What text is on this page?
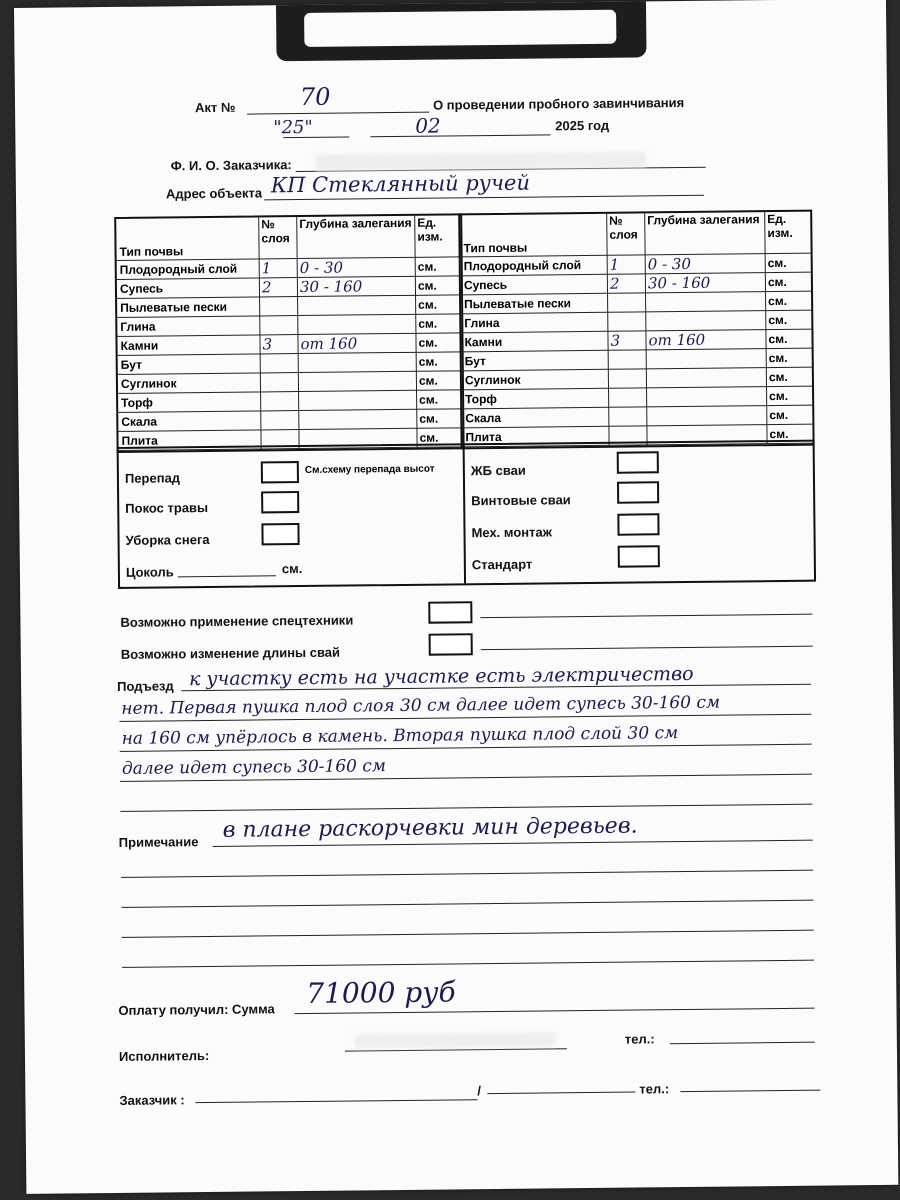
Акт №	70	О проведении пробного завинчивания
"25"	02	2025 год
Ф. И. О. Заказчика:
Адрес объекта КП Стеклянный ручей
Тип почвы
№ слоя
Глубина залегания Ед. изм.
Плодородный слой	1	0 - 30	см.
Супесь	2	30 - 160	см.
Пылеватые пески	см.
Глина	см.
Камни	3	от 160	см.
Бут	см.
Суглинок	см.
Торф	см.
Скала	см.
Плита	см.
Тип почвы
№ слоя
Глубина залегания Ед. изм.
Плодородный слой	1	0 - 30	см.
Супесь	2	30 - 160	см.
Пылеватые пески	см.
Глина	см.
Камни	3	от 160	см.
Бут	см.
Суглинок	см.
Торф	см.
Скала	см.
Плита	см.
Перепад
См.схему перепада высот
Покос травы
Уборка снега
Цоколь	см.
ЖБ сваи
Винтовые сваи
Мех. монтаж
Стандарт
Возможно применение спецтехники
Возможно изменение длины свай
Подъезд к участку есть на участке есть электричество
нет. Первая пушка плод слоя 30 см далее идет супесь 30-160 см
на 160 см упёрлось в камень. Вторая пушка плод слой 30 см
далее идет супесь 30-160 см
Примечание в плане раскорчевки мин деревьев.
Оплату получил: Сумма 71000 руб
Исполнитель:
тел.:
Заказчик :
/	тел.:
